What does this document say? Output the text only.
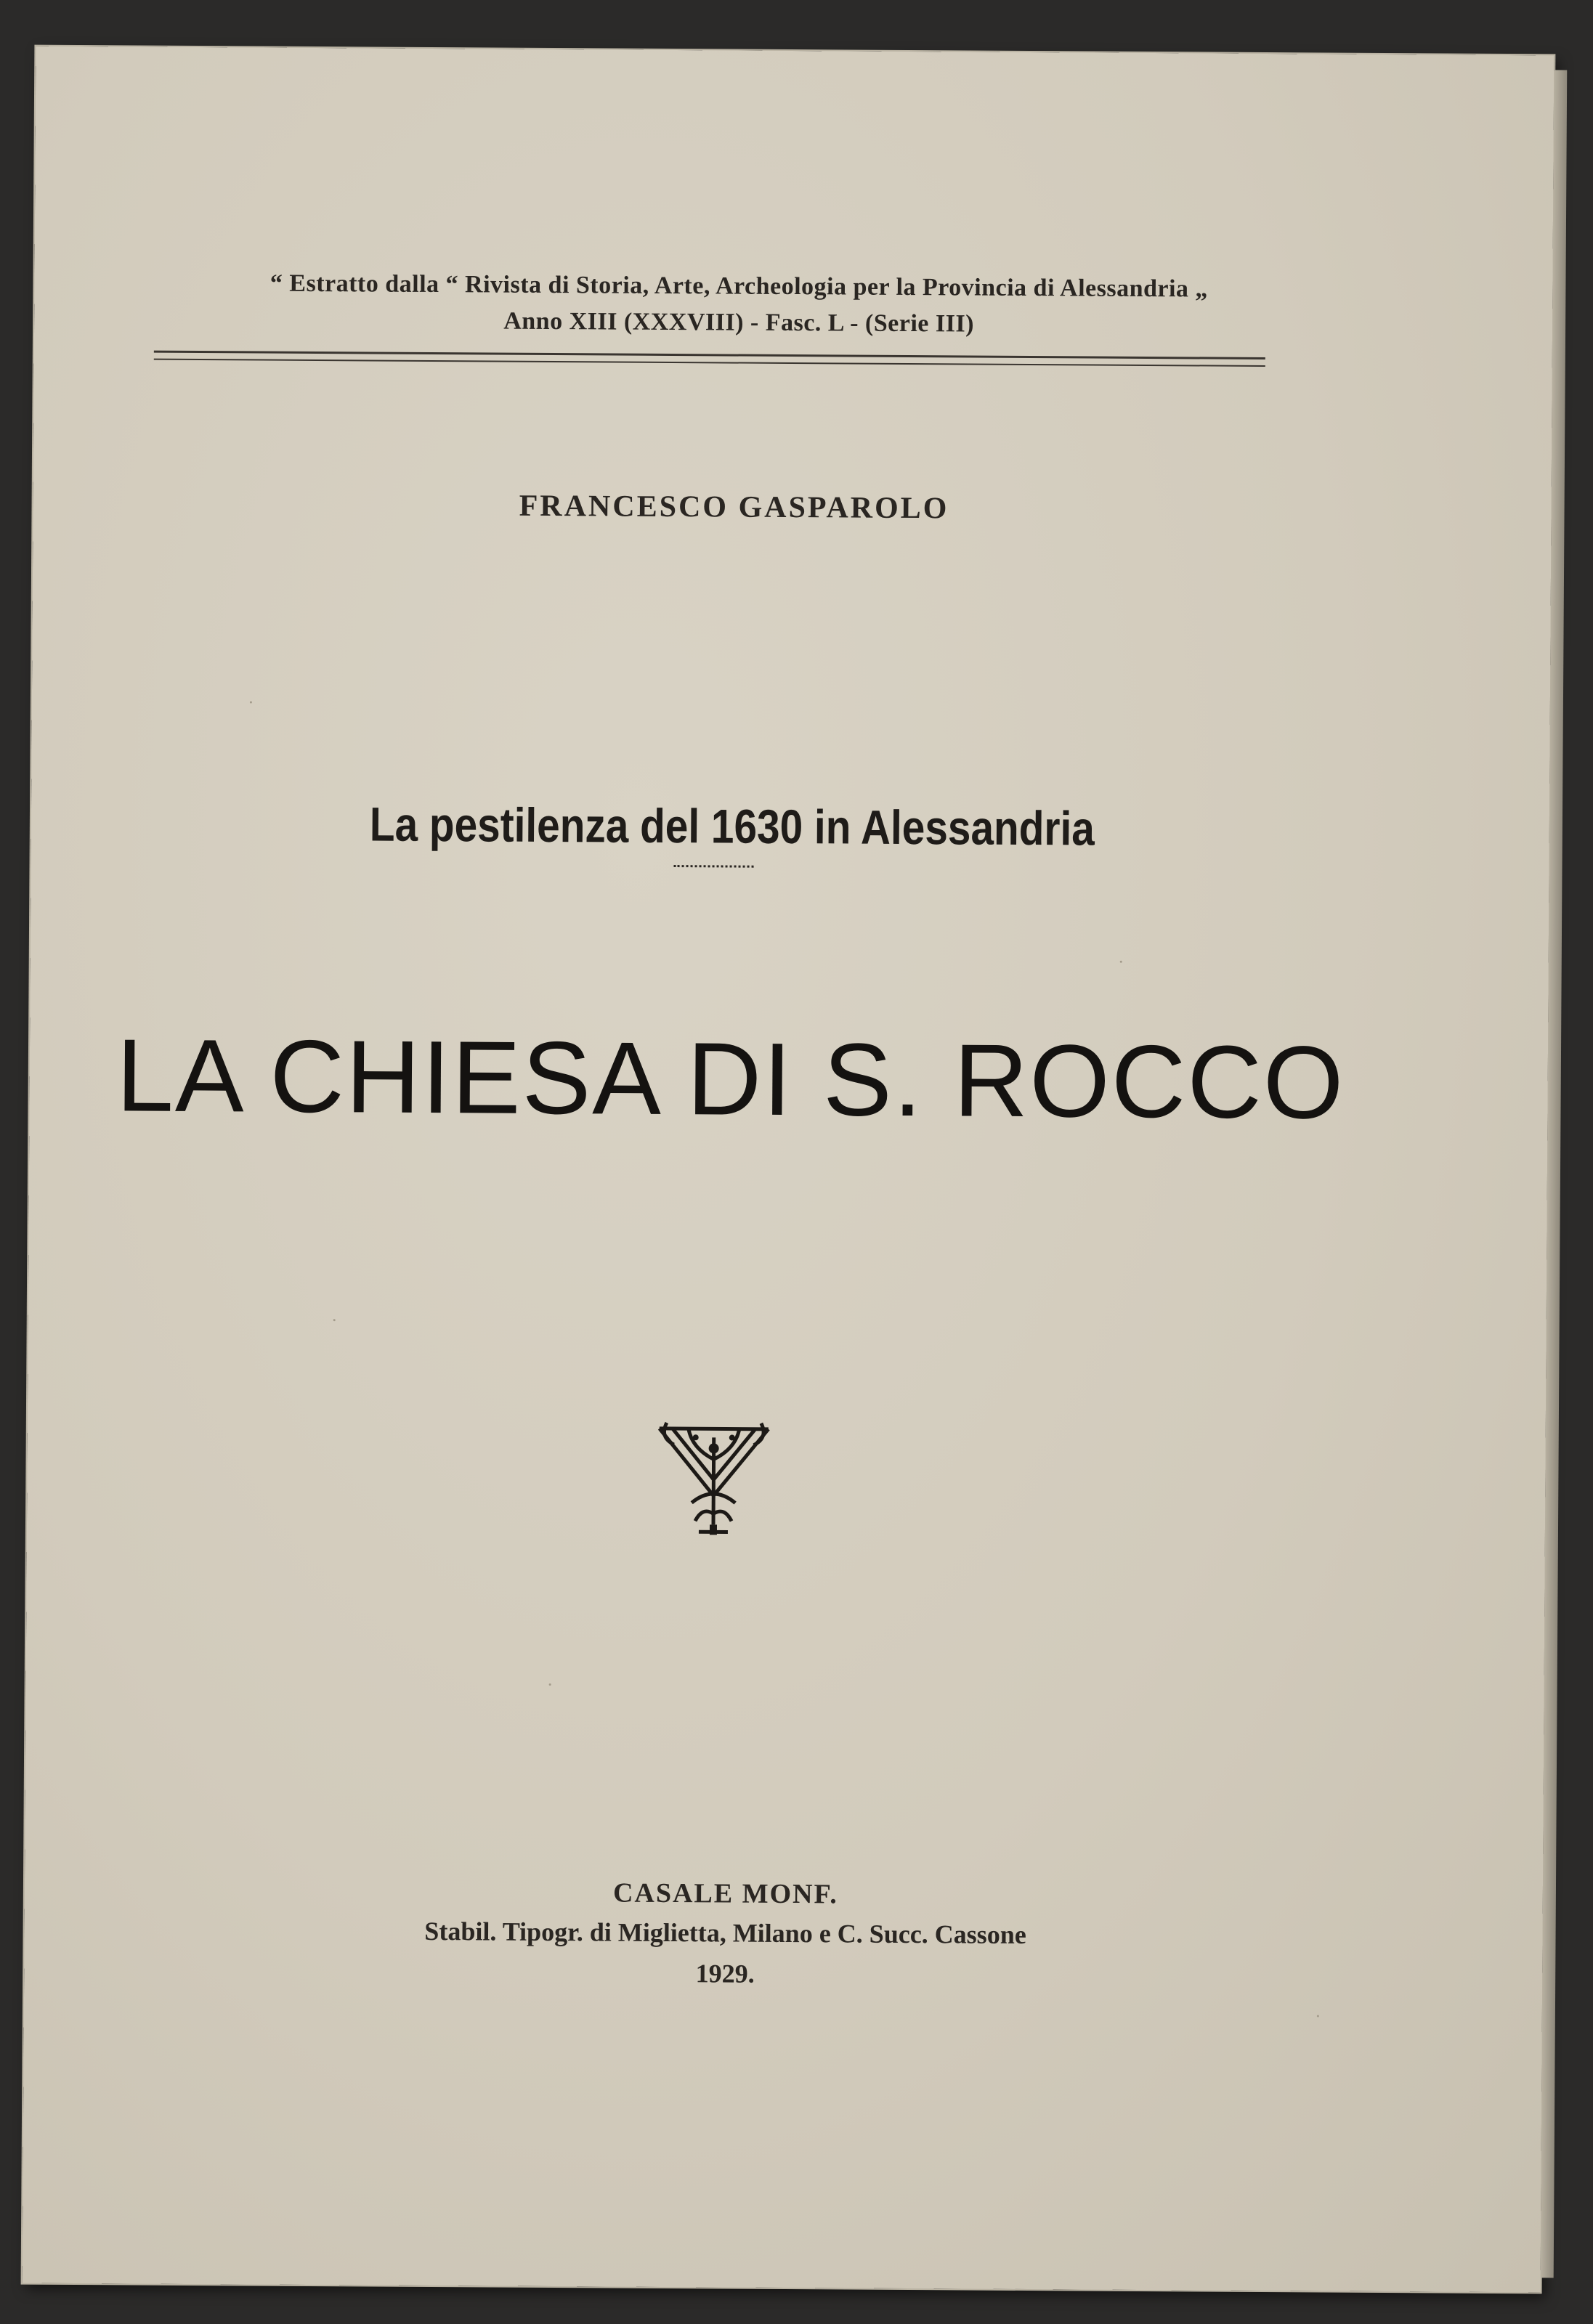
“ Estratto dalla “ Rivista di Storia, Arte, Archeologia per la Provincia di Alessandria „
Anno XIII (XXXVIII) - Fasc. L - (Serie III)
FRANCESCO GASPAROLO
La pestilenza del 1630 in Alessandria
LA CHIESA DI S. ROCCO
CASALE MONF.
Stabil. Tipogr. di Miglietta, Milano e C. Succ. Cassone
1929.
